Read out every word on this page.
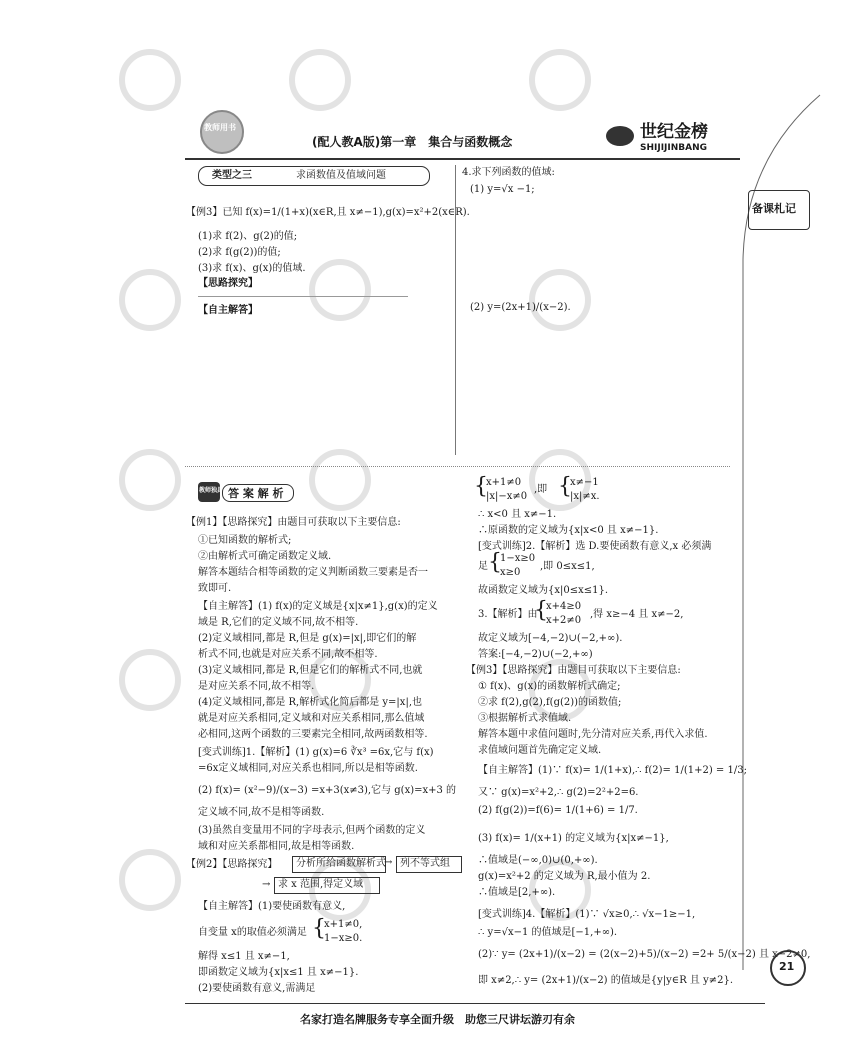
教师用书
(配人教A版)第一章　集合与函数概念	世纪金榜
SHIJIJINBANG
备课札记
类型之三	求函数值及值域问题
【例3】已知 f(x)=1/(1+x)(x∈R,且 x≠−1),g(x)=x²+2(x∈R).
(1)求 f(2)、g(2)的值;
(2)求 f(g(2))的值;
(3)求 f(x)、g(x)的值域.
【思路探究】
【自主解答】
4.求下列函数的值域:
(1) y=√x −1;
(2) y=(2x+1)/(x−2).
教师独具 答 案 解 析
【例1】【思路探究】由题目可获取以下主要信息:
①已知函数的解析式;
②由解析式可确定函数定义域.
解答本题结合相等函数的定义判断函数三要素是否一
致即可.
【自主解答】(1) f(x)的定义域是{x|x≠1},g(x)的定义
域是 R,它们的定义域不同,故不相等.
(2)定义域相同,都是 R,但是 g(x)=|x|,即它们的解
析式不同,也就是对应关系不同,故不相等.
(3)定义域相同,都是 R,但是它们的解析式不同,也就
是对应关系不同,故不相等.
(4)定义域相同,都是 R,解析式化简后都是 y=|x|,也
就是对应关系相同,定义域和对应关系相同,那么值域
必相同,这两个函数的三要素完全相同,故两函数相等.
[变式训练]1.【解析】(1) g(x)=6 ∛x³ =6x,它与 f(x)
=6x定义域相同,对应关系也相同,所以是相等函数.
(2) f(x)= (x²−9)/(x−3) =x+3(x≠3),它与 g(x)=x+3 的
定义域不同,故不是相等函数.
(3)虽然自变量用不同的字母表示,但两个函数的定义
域和对应关系都相同,故是相等函数.
【例2】【思路探究】 分析所给函数解析式
→ 列不等式组
→ 求 x 范围,得定义域
【自主解答】(1)要使函数有意义,
自变量 x的取值必须满足 {
x+1≠0,
1−x≥0.
解得 x≤1 且 x≠−1,
即函数定义域为{x|x≤1 且 x≠−1}.
(2)要使函数有意义,需满足
{
x+1≠0
|x|−x≠0
,即 {
x≠−1
|x|≠x.
∴ x<0 且 x≠−1.
∴原函数的定义域为{x|x<0 且 x≠−1}.
[变式训练]2.【解析】选 D.要使函数有意义,x 必须满
足 {
1−x≥0
x≥0
,即 0≤x≤1,
故函数定义域为{x|0≤x≤1}.
3.【解析】由
{
x+4≥0
x+2≠0
,得 x≥−4 且 x≠−2,
故定义域为[−4,−2)∪(−2,+∞).
答案:[−4,−2)∪(−2,+∞)
【例3】【思路探究】由题目可获取以下主要信息:
① f(x)、g(x)的函数解析式确定;
②求 f(2),g(2),f(g(2))的函数值;
③根据解析式求值域.
解答本题中求值问题时,先分清对应关系,再代入求值.
求值域问题首先确定定义域.
【自主解答】(1)∵ f(x)= 1/(1+x),∴ f(2)= 1/(1+2) = 1/3;
又∵ g(x)=x²+2,∴ g(2)=2²+2=6.
(2) f(g(2))=f(6)= 1/(1+6) = 1/7.
(3) f(x)= 1/(x+1) 的定义域为{x|x≠−1},
∴值域是(−∞,0)∪(0,+∞).
g(x)=x²+2 的定义域为 R,最小值为 2.
∴值域是[2,+∞).
[变式训练]4.【解析】(1)∵ √x≥0,∴ √x−1≥−1,
∴ y=√x−1 的值域是[−1,+∞).
(2)∵ y= (2x+1)/(x−2) = (2(x−2)+5)/(x−2) =2+ 5/(x−2) 且 x−2≠0,
即 x≠2,∴ y= (2x+1)/(x−2) 的值域是{y|y∈R 且 y≠2}.
21
名家打造名牌服务专享全面升级　助您三尺讲坛游刃有余
